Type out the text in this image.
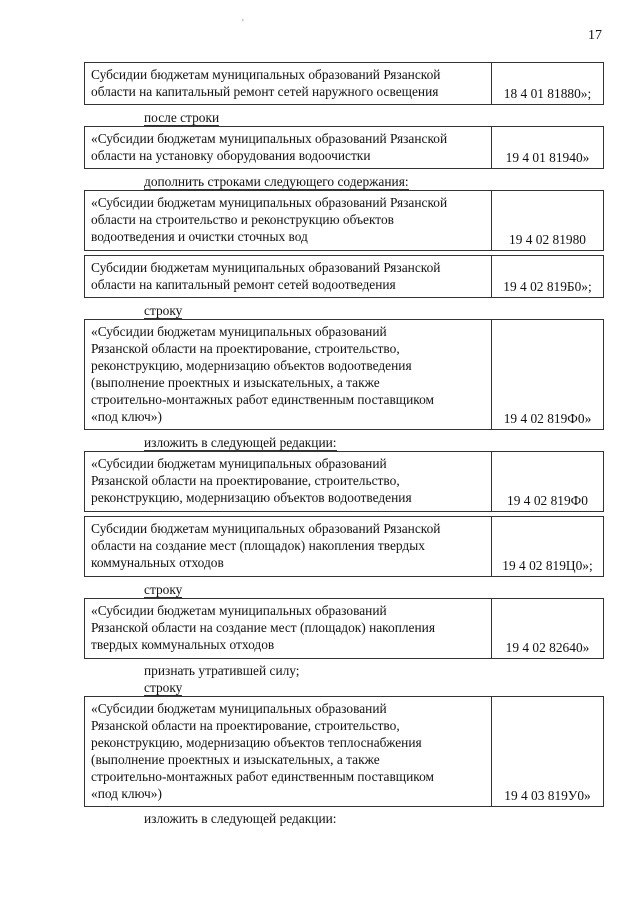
'
17
Субсидии бюджетам муниципальных образований Рязанской
области на капитальный ремонт сетей наружного освещения	18 4 01 81880»;
после строки
«Субсидии бюджетам муниципальных образований Рязанской
области на установку оборудования водоочистки	19 4 01 81940»
дополнить строками следующего содержания:
«Субсидии бюджетам муниципальных образований Рязанской
области на строительство и реконструкцию объектов
водоотведения и очистки сточных вод	19 4 02 81980
Субсидии бюджетам муниципальных образований Рязанской
области на капитальный ремонт сетей водоотведения	19 4 02 819Б0»;
строку
«Субсидии бюджетам муниципальных образований
Рязанской области на проектирование, строительство,
реконструкцию, модернизацию объектов водоотведения
(выполнение проектных и изыскательных, а также
строительно-монтажных работ единственным поставщиком
«под ключ»)	19 4 02 819Ф0»
изложить в следующей редакции:
«Субсидии бюджетам муниципальных образований
Рязанской области на проектирование, строительство,
реконструкцию, модернизацию объектов водоотведения	19 4 02 819Ф0
Субсидии бюджетам муниципальных образований Рязанской
области на создание мест (площадок) накопления твердых
коммунальных отходов	19 4 02 819Ц0»;
строку
«Субсидии бюджетам муниципальных образований
Рязанской области на создание мест (площадок) накопления
твердых коммунальных отходов	19 4 02 82640»
признать утратившей силу;
строку
«Субсидии бюджетам муниципальных образований
Рязанской области на проектирование, строительство,
реконструкцию, модернизацию объектов теплоснабжения
(выполнение проектных и изыскательных, а также
строительно-монтажных работ единственным поставщиком
«под ключ»)	19 4 03 819У0»
изложить в следующей редакции:
